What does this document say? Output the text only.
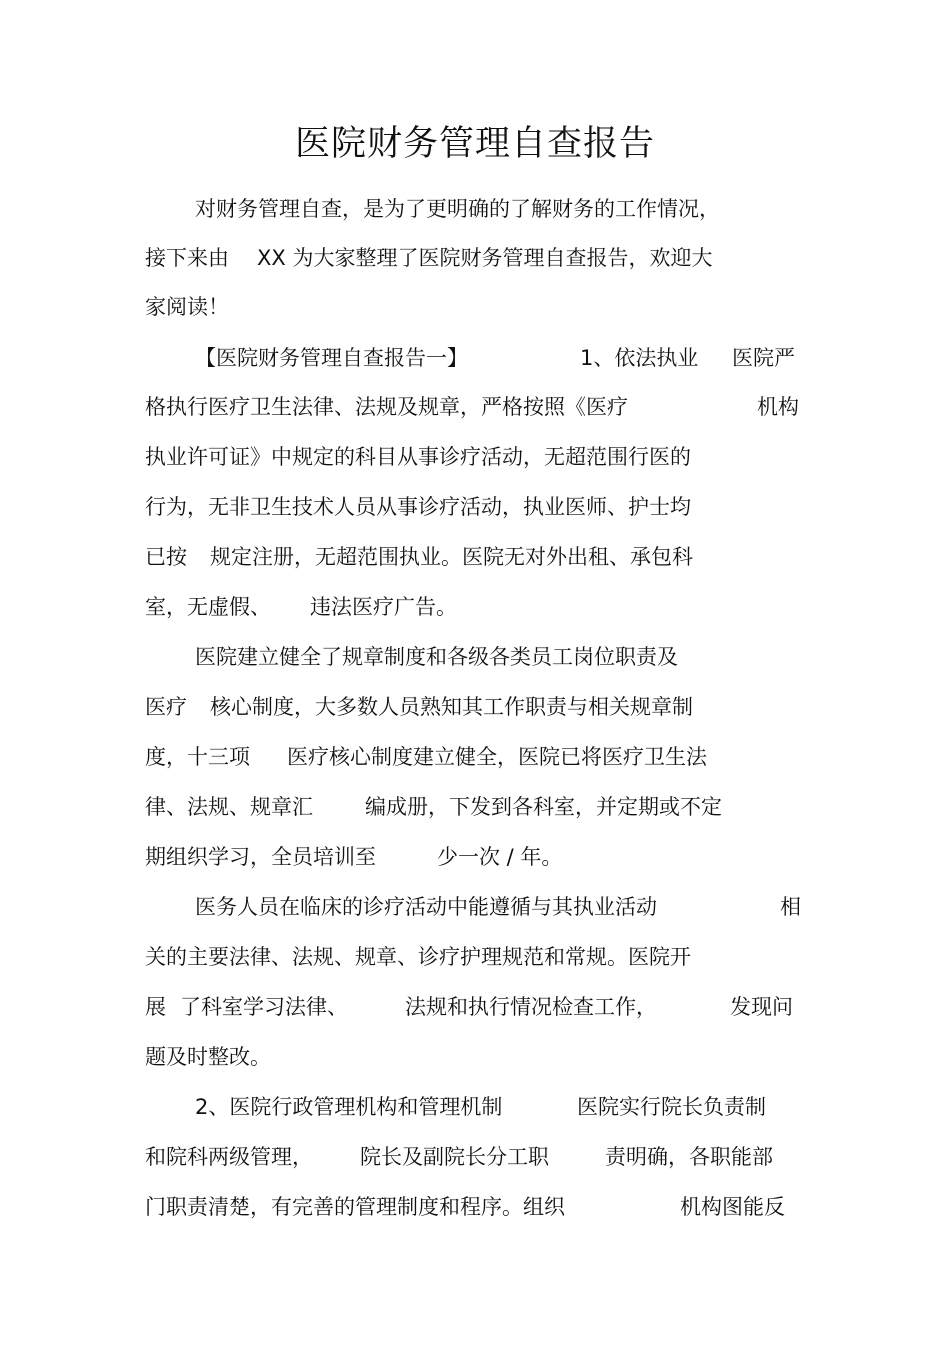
医院财务管理自查报告

对财务管理自查，是为了更明确的了解财务的工作情况，

接下来由

XX 为大家整理了医院财务管理自查报告，欢迎大

家阅读！

【医院财务管理自查报告一】

	1、依法执业

医院严

格执行医疗卫生法律、法规及规章，严格按照《医疗

	机构

执业许可证》中规定的科目从事诊疗活动，无超范围行医的

行为，无非卫生技术人员从事诊疗活动，执业医师、护士均

已按

规定注册，无超范围执业。医院无对外出租、承包科

室，无虚假、

违法医疗广告。

医院建立健全了规章制度和各级各类员工岗位职责及

医疗

核心制度，大多数人员熟知其工作职责与相关规章制

度，十三项

医疗核心制度建立健全，医院已将医疗卫生法

律、法规、规章汇

编成册，下发到各科室，并定期或不定

期组织学习，全员培训至

	少一次 / 年。

医务人员在临床的诊疗活动中能遵循与其执业活动

	相

关的主要法律、法规、规章、诊疗护理规范和常规。医院开

展

了科室学习法律、

	法规和执行情况检查工作，

	发现问

题及时整改。

2、医院行政管理机构和管理机制

	医院实行院长负责制

和院科两级管理，

院长及副院长分工职

	责明确，各职能部

门职责清楚，有完善的管理制度和程序。组织

	机构图能反
